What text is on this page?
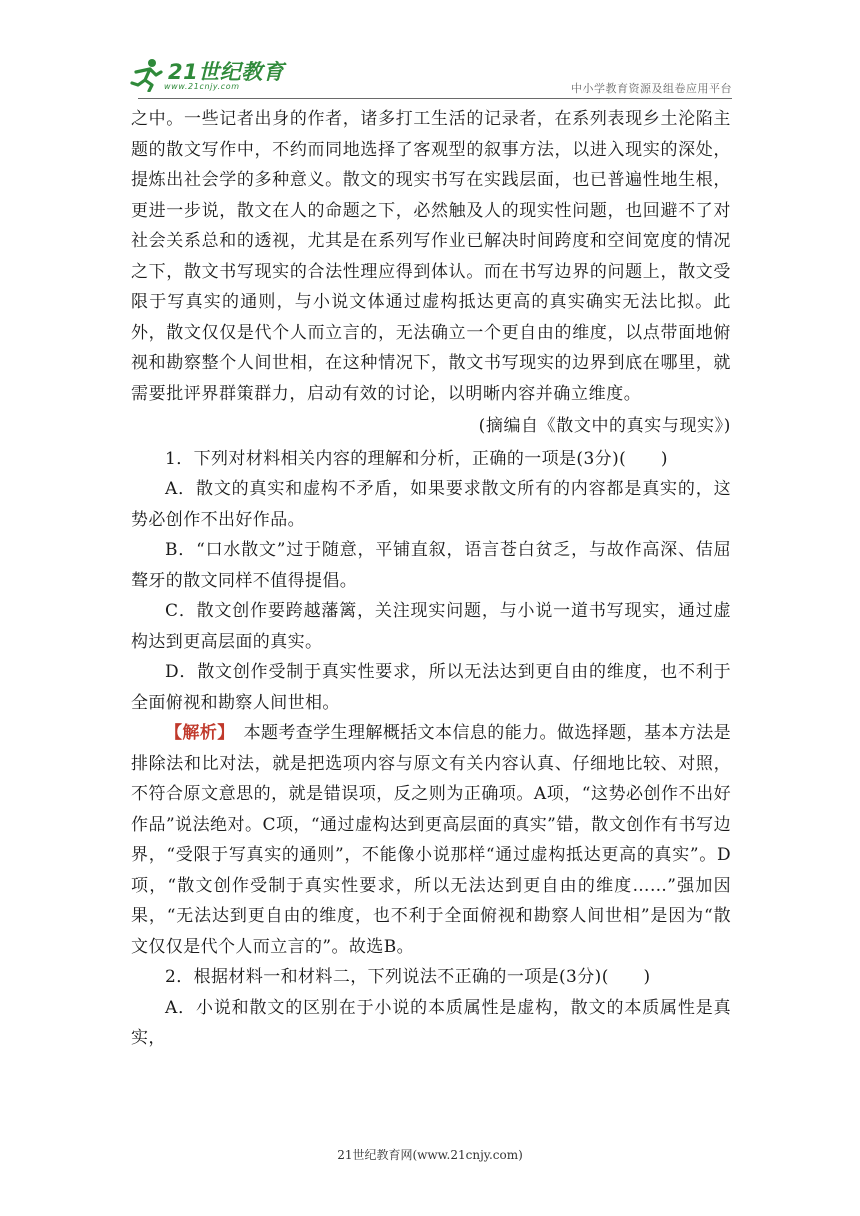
21世纪教育
www.21cnjy.com	中小学教育资源及组卷应用平台

之中。一些记者出身的作者，诸多打工生活的记录者，在系列表现乡土沦陷主题的散文写作中，不约而同地选择了客观型的叙事方法，以进入现实的深处，提炼出社会学的多种意义。散文的现实书写在实践层面，也已普遍性地生根，更进一步说，散文在人的命题之下，必然触及人的现实性问题，也回避不了对社会关系总和的透视，尤其是在系列写作业已解决时间跨度和空间宽度的情况之下，散文书写现实的合法性理应得到体认。而在书写边界的问题上，散文受限于写真实的通则，与小说文体通过虚构抵达更高的真实确实无法比拟。此外，散文仅仅是代个人而立言的，无法确立一个更自由的维度，以点带面地俯视和勘察整个人间世相，在这种情况下，散文书写现实的边界到底在哪里，就需要批评界群策群力，启动有效的讨论，以明晰内容并确立维度。

(摘编自《散文中的真实与现实》)

1．下列对材料相关内容的理解和分析，正确的一项是(3分)(　　)

A．散文的真实和虚构不矛盾，如果要求散文所有的内容都是真实的，这势必创作不出好作品。

B．“口水散文”过于随意，平铺直叙，语言苍白贫乏，与故作高深、佶屈聱牙的散文同样不值得提倡。

C．散文创作要跨越藩篱，关注现实问题，与小说一道书写现实，通过虚构达到更高层面的真实。

D．散文创作受制于真实性要求，所以无法达到更自由的维度，也不利于全面俯视和勘察人间世相。

【解析】　 本题考查学生理解概括文本信息的能力。做选择题，基本方法是排除法和比对法，就是把选项内容与原文有关内容认真、仔细地比较、对照，不符合原文意思的，就是错误项，反之则为正确项。A项，“这势必创作不出好作品”说法绝对。C项，“通过虚构达到更高层面的真实”错，散文创作有书写边界，“受限于写真实的通则”，不能像小说那样“通过虚构抵达更高的真实”。D项，“散文创作受制于真实性要求，所以无法达到更自由的维度……”强加因果，“无法达到更自由的维度，也不利于全面俯视和勘察人间世相”是因为“散文仅仅是代个人而立言的”。故选B。

2．根据材料一和材料二，下列说法不正确的一项是(3分)(　　)

A．小说和散文的区别在于小说的本质属性是虚构，散文的本质属性是真实，

21世纪教育网(www.21cnjy.com)
